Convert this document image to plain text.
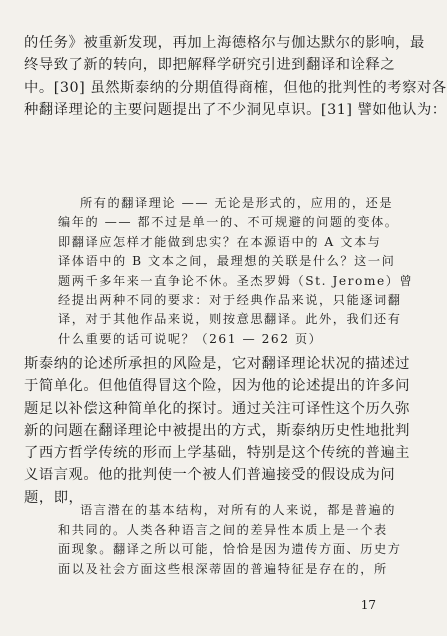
的任务》被重新发现，再加上海德格尔与伽达默尔的影响，最
终导致了新的转向，即把解释学研究引进到翻译和诠释之
中。[30] 虽然斯泰纳的分期值得商榷，但他的批判性的考察对各
种翻译理论的主要问题提出了不少洞见卓识。[31] 譬如他认为：
所有的翻译理论 —— 无论是形式的，应用的，还是
编年的 —— 都不过是单一的、不可规避的问题的变体。
即翻译应怎样才能做到忠实？在本源语中的 A 文本与
译体语中的 B 文本之间，最理想的关联是什么？这一问
题两千多年来一直争论不休。圣杰罗姆（St. Jerome）曾
经提出两种不同的要求：对于经典作品来说，只能逐词翻
译，对于其他作品来说，则按意思翻译。此外，我们还有
什么重要的话可说呢？（261 — 262 页）
斯泰纳的论述所承担的风险是，它对翻译理论状况的描述过
于简单化。但他值得冒这个险，因为他的论述提出的许多问
题足以补偿这种简单化的探讨。通过关注可译性这个历久弥
新的问题在翻译理论中被提出的方式，斯泰纳历史性地批判
了西方哲学传统的形而上学基础，特别是这个传统的普遍主
义语言观。他的批判使一个被人们普遍接受的假设成为问
题，即，
语言潜在的基本结构，对所有的人来说，都是普遍的
和共同的。人类各种语言之间的差异性本质上是一个表
面现象。翻译之所以可能，恰恰是因为遗传方面、历史方
面以及社会方面这些根深蒂固的普遍特征是存在的，所
17
